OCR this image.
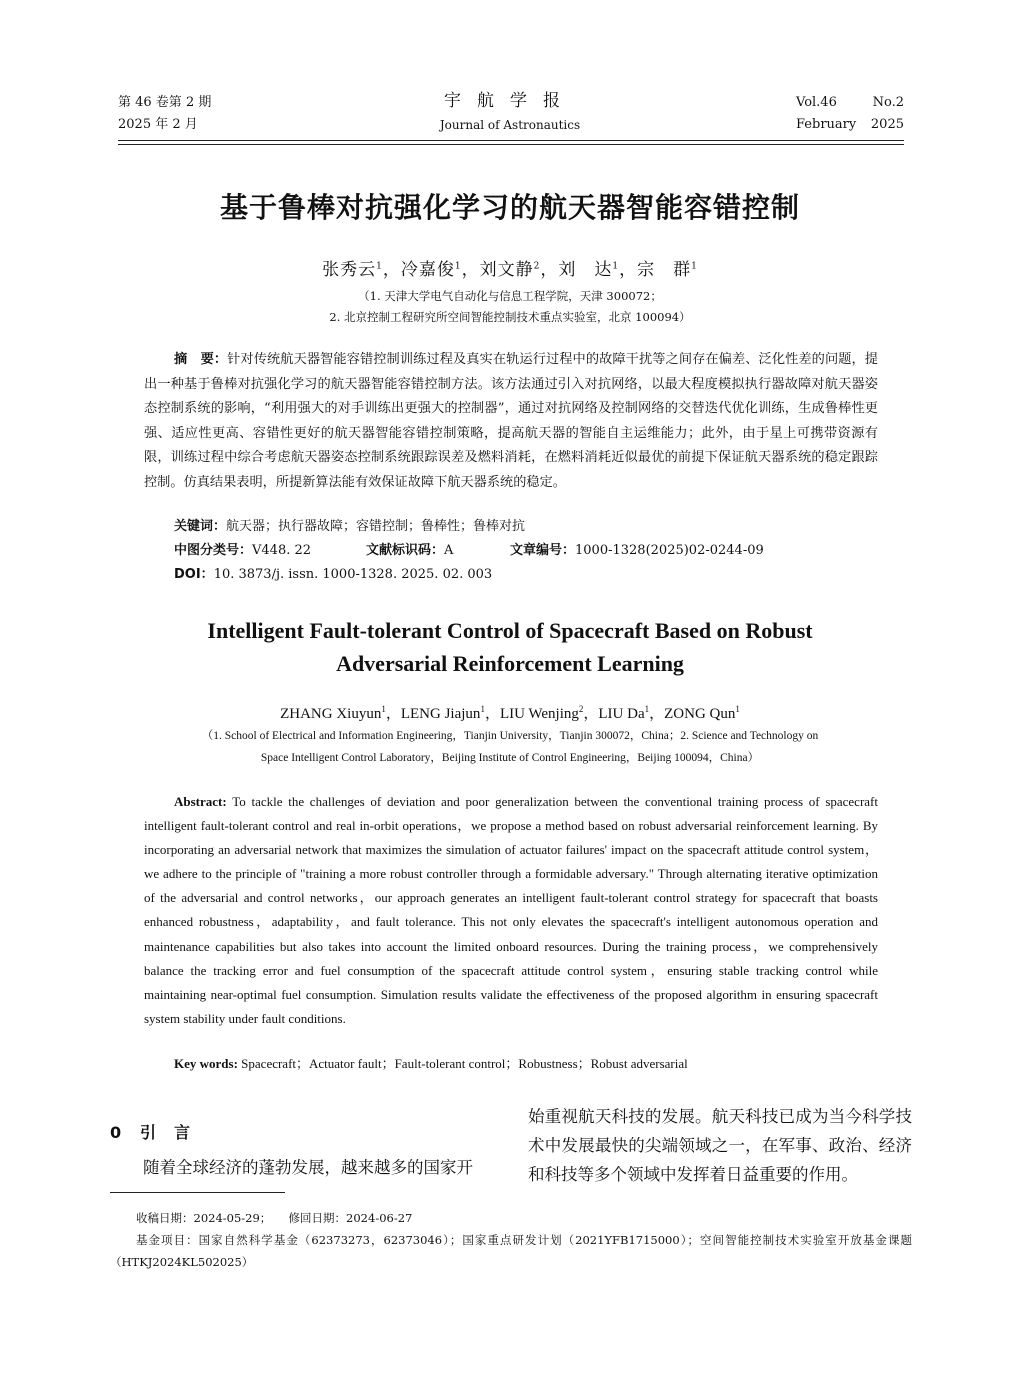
第 46 卷第 2 期
2025 年 2 月
宇航学报
Journal of Astronautics
Vol.46	No.2
February 2025
基于鲁棒对抗强化学习的航天器智能容错控制
张秀云$^1$，冷嘉俊$^1$，刘文静$^2$，刘　达$^1$，宗　群$^1$
（1. 天津大学电气自动化与信息工程学院，天津 300072；
2. 北京控制工程研究所空间智能控制技术重点实验室，北京 100094）
摘　要：针对传统航天器智能容错控制训练过程及真实在轨运行过程中的故障干扰等之间存在偏差、泛化性差的问题，提出一种基于鲁棒对抗强化学习的航天器智能容错控制方法。该方法通过引入对抗网络，以最大程度模拟执行器故障对航天器姿态控制系统的影响，“利用强大的对手训练出更强大的控制器”，通过对抗网络及控制网络的交替迭代优化训练，生成鲁棒性更强、适应性更高、容错性更好的航天器智能容错控制策略，提高航天器的智能自主运维能力；此外，由于星上可携带资源有限，训练过程中综合考虑航天器姿态控制系统跟踪误差及燃料消耗，在燃料消耗近似最优的前提下保证航天器系统的稳定跟踪控制。仿真结果表明，所提新算法能有效保证故障下航天器系统的稳定。
关键词：航天器；执行器故障；容错控制；鲁棒性；鲁棒对抗
中图分类号：V448. 22	文献标识码：A	文章编号：1000-1328(2025)02-0244-09
DOI：10. 3873/j. issn. 1000-1328. 2025. 02. 003
Intelligent Fault-tolerant Control of Spacecraft Based on Robust
Adversarial Reinforcement Learning
ZHANG Xiuyun$^1$，LENG Jiajun$^1$，LIU Wenjing$^2$，LIU Da$^1$，ZONG Qun$^1$
（1. School of Electrical and Information Engineering，Tianjin University，Tianjin 300072，China；2. Science and Technology on
Space Intelligent Control Laboratory，Beijing Institute of Control Engineering，Beijing 100094，China）
Abstract: To tackle the challenges of deviation and poor generalization between the conventional training process of spacecraft intelligent fault-tolerant control and real in-orbit operations，we propose a method based on robust adversarial reinforcement learning. By incorporating an adversarial network that maximizes the simulation of actuator failures' impact on the spacecraft attitude control system，we adhere to the principle of "training a more robust controller through a formidable adversary." Through alternating iterative optimization of the adversarial and control networks，our approach generates an intelligent fault-tolerant control strategy for spacecraft that boasts enhanced robustness，adaptability，and fault tolerance. This not only elevates the spacecraft's intelligent autonomous operation and maintenance capabilities but also takes into account the limited onboard resources. During the training process，we comprehensively balance the tracking error and fuel consumption of the spacecraft attitude control system，ensuring stable tracking control while maintaining near-optimal fuel consumption. Simulation results validate the effectiveness of the proposed algorithm in ensuring spacecraft system stability under fault conditions.
Key words: Spacecraft；Actuator fault；Fault-tolerant control；Robustness；Robust adversarial
0 引言
随着全球经济的蓬勃发展，越来越多的国家开
始重视航天科技的发展。航天科技已成为当今科学技术中发展最快的尖端领域之一，在军事、政治、经济和科技等多个领域中发挥着日益重要的作用。
收稿日期：2024-05-29；　　修回日期：2024-06-27
基金项目：国家自然科学基金（62373273，62373046）；国家重点研发计划（2021YFB1715000）；空间智能控制技术实验室开放基金课题（HTKJ2024KL502025）
